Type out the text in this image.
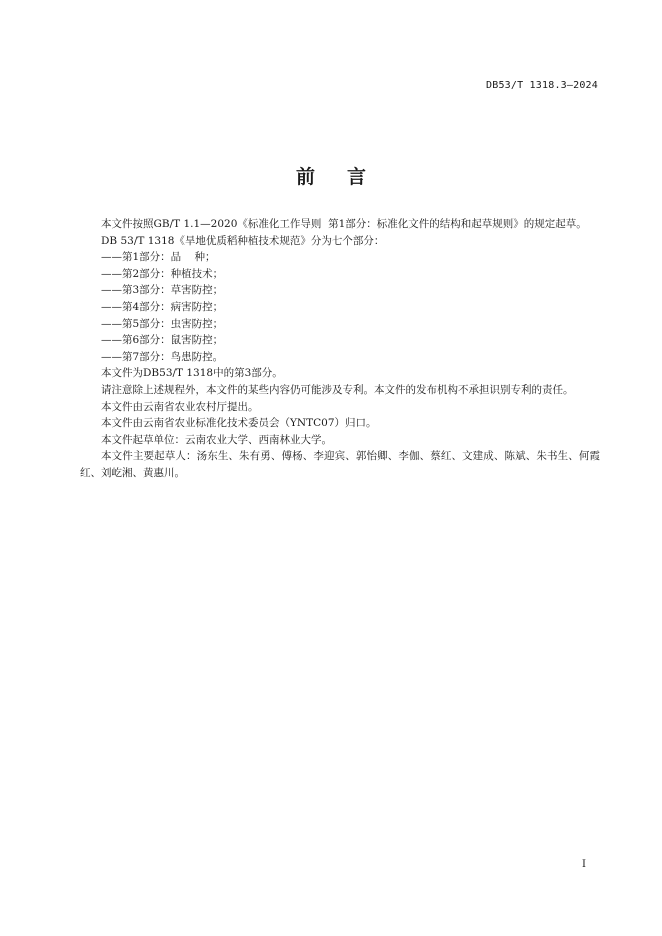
DB53/T 1318.3—2024
前 言

本文件按照GB/T 1.1—2020《标准化工作导则  第1部分：标准化文件的结构和起草规则》的规定起草。

DB 53/T 1318《旱地优质稻种植技术规范》分为七个部分：

——第1部分：品    种；

——第2部分：种植技术；

——第3部分：草害防控；

——第4部分：病害防控；

——第5部分：虫害防控；

——第6部分：鼠害防控；

——第7部分：鸟患防控。

本文件为DB53/T 1318中的第3部分。

请注意除上述规程外，本文件的某些内容仍可能涉及专利。本文件的发布机构不承担识别专利的责任。

本文件由云南省农业农村厅提出。

本文件由云南省农业标准化技术委员会（YNTC07）归口。

本文件起草单位：云南农业大学、西南林业大学。

本文件主要起草人：汤东生、朱有勇、傅杨、李迎宾、郭怡卿、李伽、蔡红、文建成、陈斌、朱书生、何霞红、刘屹湘、黄惠川。

I
